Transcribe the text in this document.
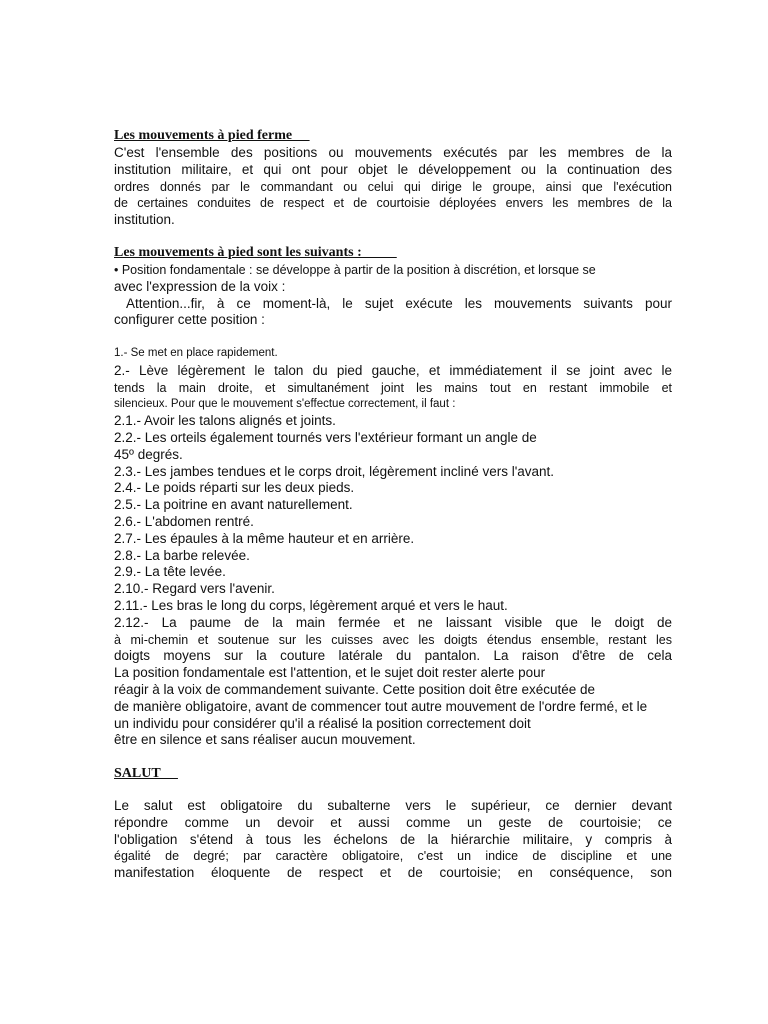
Les mouvements à pied ferme
C'est l'ensemble des positions ou mouvements exécutés par les membres de la
institution militaire, et qui ont pour objet le développement ou la continuation des
ordres donnés par le commandant ou celui qui dirige le groupe, ainsi que l'exécution
de certaines conduites de respect et de courtoisie déployées envers les membres de la
institution.
Les mouvements à pied sont les suivants :
• Position fondamentale : se développe à partir de la position à discrétion, et lorsque se
avec l'expression de la voix :
Attention...fir, à ce moment-là, le sujet exécute les mouvements suivants pour
configurer cette position :
1.- Se met en place rapidement.
2.- Lève légèrement le talon du pied gauche, et immédiatement il se joint avec le
tends la main droite, et simultanément joint les mains tout en restant immobile et
silencieux. Pour que le mouvement s'effectue correctement, il faut :
2.1.- Avoir les talons alignés et joints.
2.2.- Les orteils également tournés vers l'extérieur formant un angle de
45º degrés.
2.3.- Les jambes tendues et le corps droit, légèrement incliné vers l'avant.
2.4.- Le poids réparti sur les deux pieds.
2.5.- La poitrine en avant naturellement.
2.6.- L'abdomen rentré.
2.7.- Les épaules à la même hauteur et en arrière.
2.8.- La barbe relevée.
2.9.- La tête levée.
2.10.- Regard vers l'avenir.
2.11.- Les bras le long du corps, légèrement arqué et vers le haut.
2.12.- La paume de la main fermée et ne laissant visible que le doigt de
à mi-chemin et soutenue sur les cuisses avec les doigts étendus ensemble, restant les
doigts moyens sur la couture latérale du pantalon. La raison d'être de cela
La position fondamentale est l'attention, et le sujet doit rester alerte pour
réagir à la voix de commandement suivante. Cette position doit être exécutée de
de manière obligatoire, avant de commencer tout autre mouvement de l'ordre fermé, et le
un individu pour considérer qu'il a réalisé la position correctement doit
être en silence et sans réaliser aucun mouvement.
SALUT
Le salut est obligatoire du subalterne vers le supérieur, ce dernier devant
répondre comme un devoir et aussi comme un geste de courtoisie; ce
l'obligation s'étend à tous les échelons de la hiérarchie militaire, y compris à
égalité de degré; par caractère obligatoire, c'est un indice de discipline et une
manifestation éloquente de respect et de courtoisie; en conséquence, son
